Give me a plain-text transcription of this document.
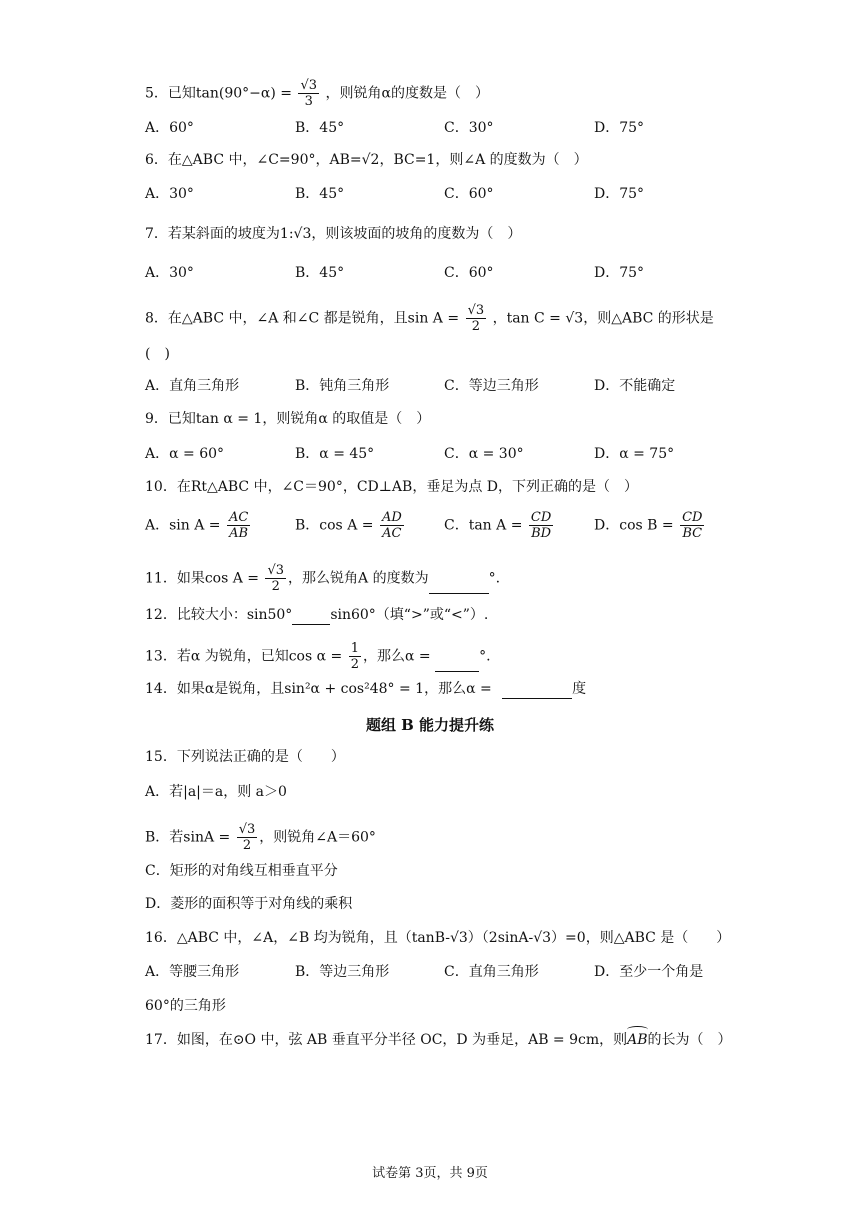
5．已知$\tan(90^\circ-\alpha) = \frac{√3}{3}$ ，则锐角α的度数是（　）
A．60°	B．45°	C．30°	D．75°
6．在△ABC 中，∠C=90°，AB=√2，BC=1，则∠A 的度数为（　）
A．30°	B．45°	C．60°	D．75°
7．若某斜面的坡度为1:√3，则该坡面的坡角的度数为（　）
A．30°	B．45°	C．60°	D．75°
8．在△ABC 中，∠A 和∠C 都是锐角，且$\sin A = \frac{√3}{2}$ ，tan C = √3，则△ABC 的形状是
(　)
A．直角三角形	B．钝角三角形	C．等边三角形	D．不能确定
9．已知tan α = 1，则锐角α 的取值是（　）
A．α = 60°	B．α = 45°	C．α = 30°	D．α = 75°
10．在Rt△ABC 中，∠C＝90°，CD⊥AB，垂足为点 D，下列正确的是（　）
A．$\sin A = \frac{AC}{AB}$	B．$\cos A = \frac{AD}{AC}$	C．$\tan A = \frac{CD}{BD}$	D．$\cos B = \frac{CD}{BC}$
11．如果$\cos A = \frac{√3}{2}$ ，那么锐角A 的度数为	°.
12．比较大小：sin50°	sin60°（填“>”或“<”）.
13．若α 为锐角，已知$\cos \alpha = \frac{1}{2}$ ，那么α =	°.
14．如果α是锐角，且sin²α + cos²48° = 1，那么α =	度
题组 B 能力提升练
15．下列说法正确的是（　　）
A．若|a|＝a，则 a＞0
B．若$\sin A = \frac{√3}{2}$ ，则锐角∠A＝60°
C．矩形的对角线互相垂直平分
D．菱形的面积等于对角线的乘积
16．△ABC 中，∠A，∠B 均为锐角，且（tanB-√3）（2sinA-√3）=0，则△ABC 是（　　）
A．等腰三角形	B．等边三角形	C．直角三角形	D．至少一个角是
60°的三角形
17．如图，在⊙O 中，弦 AB 垂直平分半径 OC，D 为垂足，AB = 9cm，则AB的长为（　）
试卷第 3页，共 9页
